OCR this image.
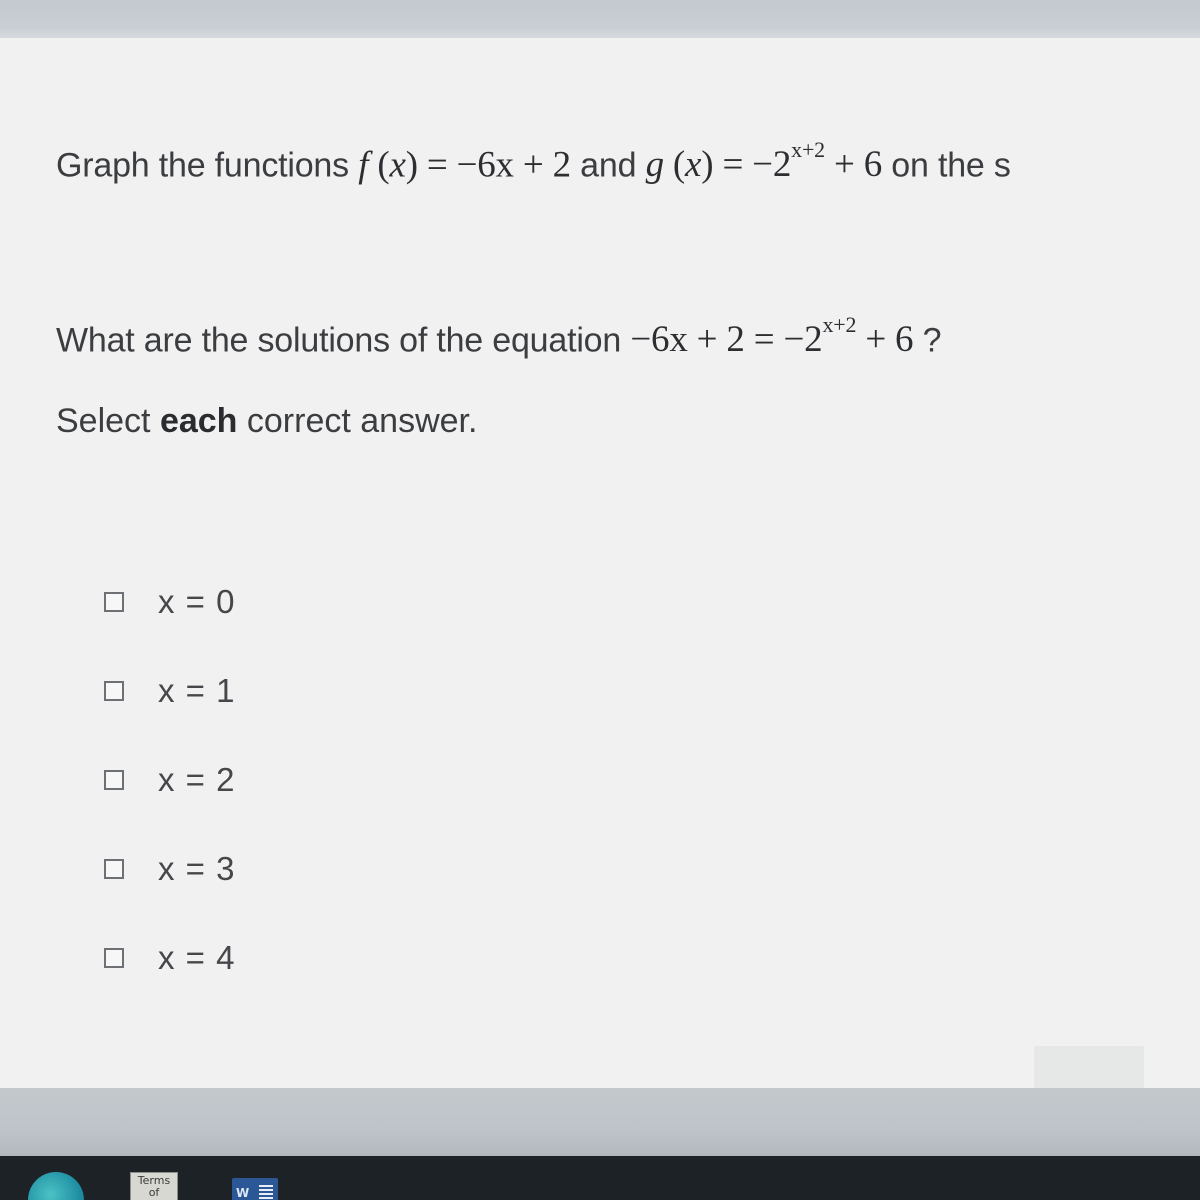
Graph the functions f (x) = −6x + 2 and g $(x) = -2^{x+2} + 6$ on the s
What are the solutions of the equation $-6x + 2 = -2^{x+2} + 6$ ?
Select each correct answer.
x = 0
x = 1
x = 2
x = 3
x = 4
Terms of	W
